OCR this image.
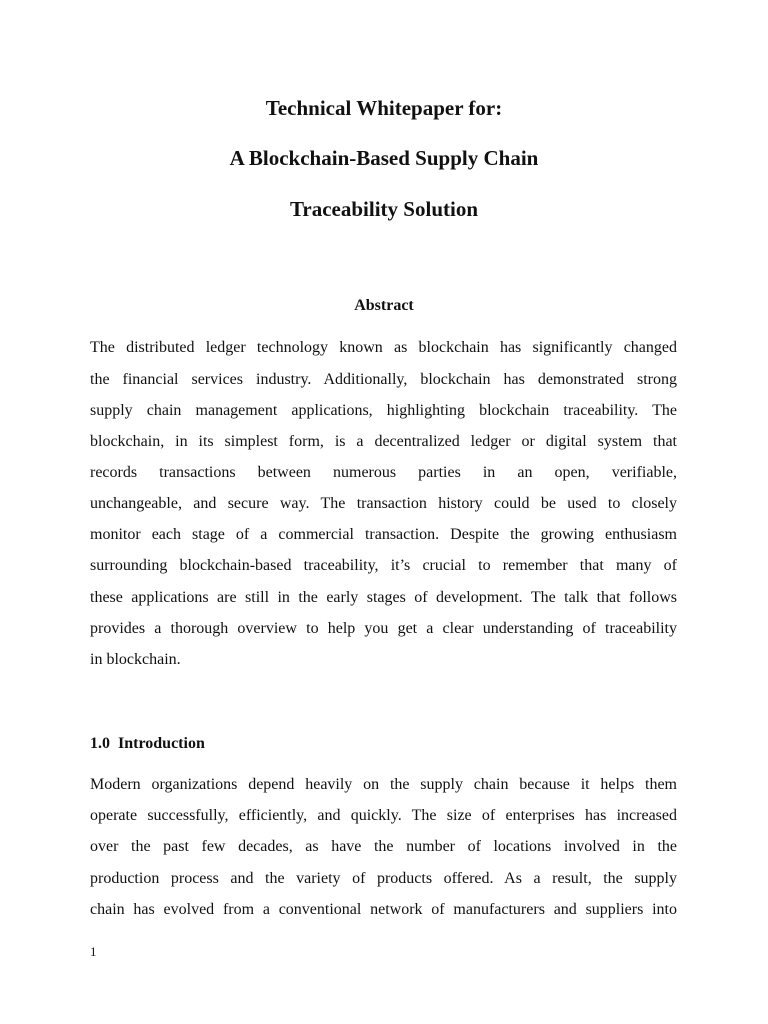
Technical Whitepaper for:
A Blockchain-Based Supply Chain
Traceability Solution
Abstract
The distributed ledger technology known as blockchain has significantly changed
the financial services industry. Additionally, blockchain has demonstrated strong
supply chain management applications, highlighting blockchain traceability. The
blockchain, in its simplest form, is a decentralized ledger or digital system that
records transactions between numerous parties in an open, verifiable,
unchangeable, and secure way. The transaction history could be used to closely
monitor each stage of a commercial transaction. Despite the growing enthusiasm
surrounding blockchain-based traceability, it’s crucial to remember that many of
these applications are still in the early stages of development. The talk that follows
provides a thorough overview to help you get a clear understanding of traceability
in blockchain.
1.0  Introduction
Modern organizations depend heavily on the supply chain because it helps them
operate successfully, efficiently, and quickly. The size of enterprises has increased
over the past few decades, as have the number of locations involved in the
production process and the variety of products offered. As a result, the supply
chain has evolved from a conventional network of manufacturers and suppliers into
1
